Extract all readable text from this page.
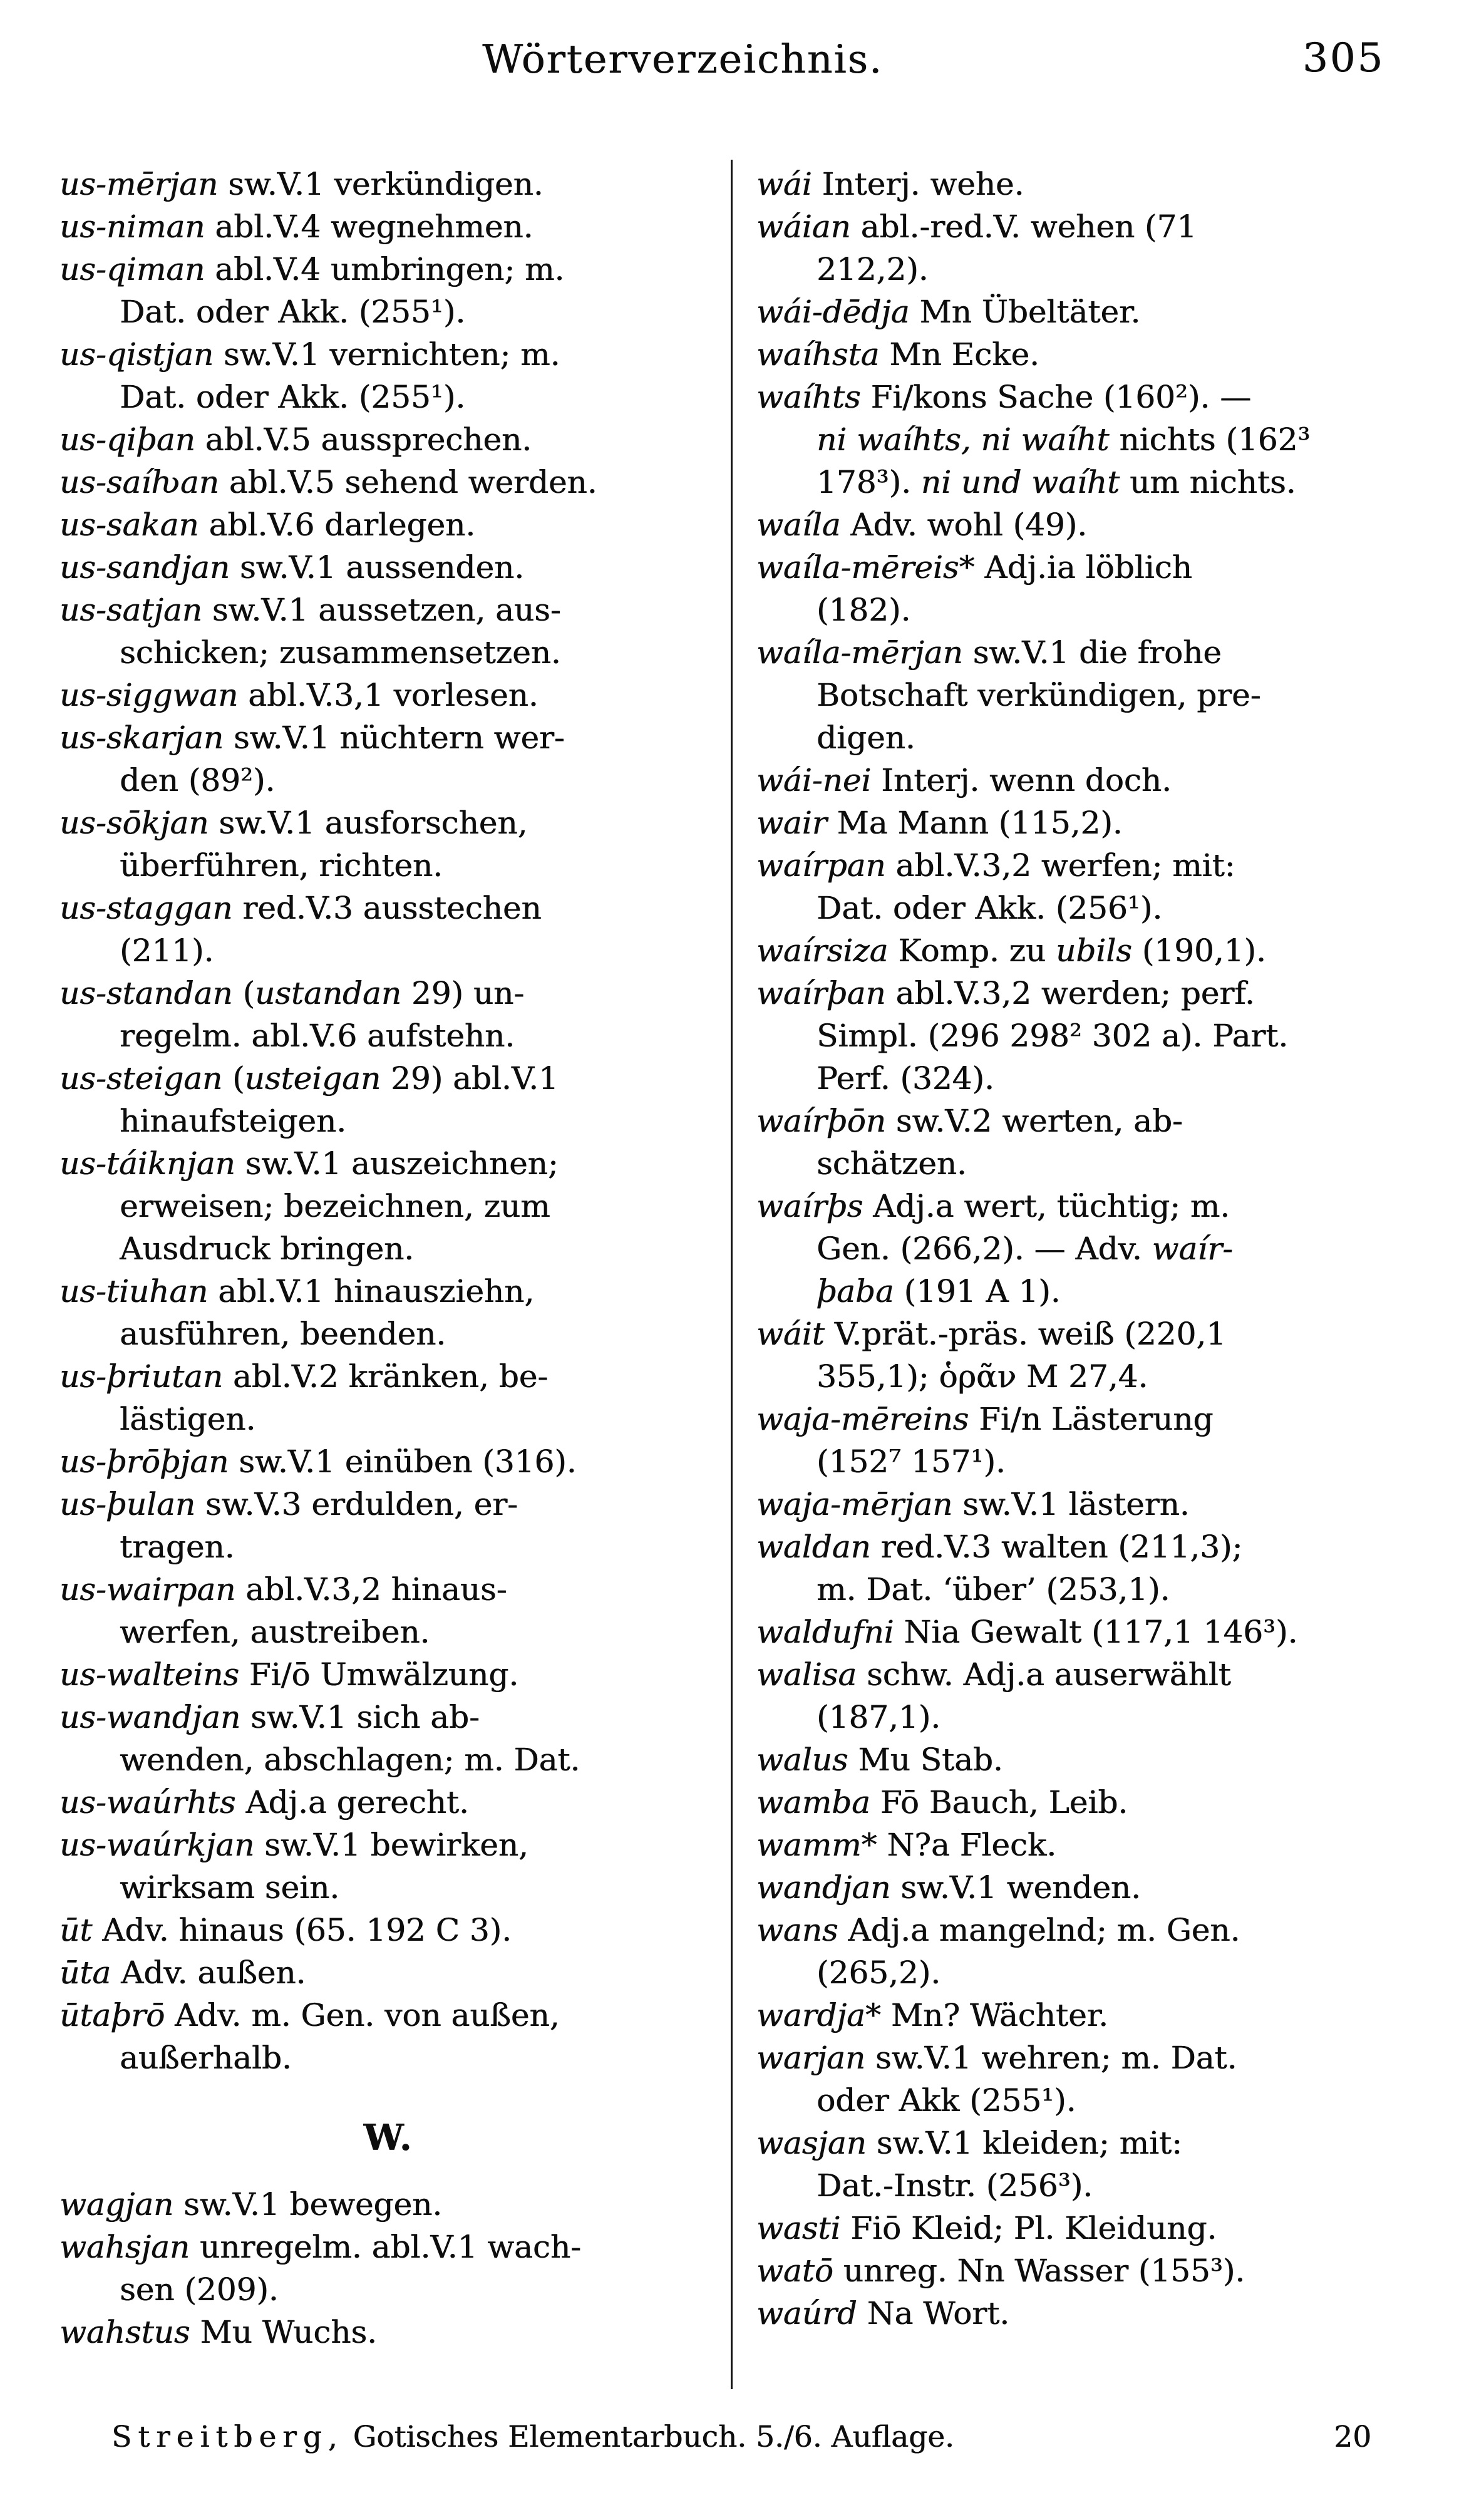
Wörterverzeichnis.	305
us-mērjan sw.V.1 verkündigen.
us-niman abl.V.4 wegnehmen.
us-qiman abl.V.4 umbringen; m.
Dat. oder Akk. (255¹).
us-qistjan sw.V.1 vernichten; m.
Dat. oder Akk. (255¹).
us-qiþan abl.V.5 aussprechen.
us-saíƕan abl.V.5 sehend werden.
us-sakan abl.V.6 darlegen.
us-sandjan sw.V.1 aussenden.
us-satjan sw.V.1 aussetzen, aus-
schicken; zusammensetzen.
us-siggwan abl.V.3,1 vorlesen.
us-skarjan sw.V.1 nüchtern wer-
den (89²).
us-sōkjan sw.V.1 ausforschen,
überführen, richten.
us-staggan red.V.3 ausstechen
(211).
us-standan (ustandan 29) un-
regelm. abl.V.6 aufstehn.
us-steigan (usteigan 29) abl.V.1
hinaufsteigen.
us-táiknjan sw.V.1 auszeichnen;
erweisen; bezeichnen, zum
Ausdruck bringen.
us-tiuhan abl.V.1 hinausziehn,
ausführen, beenden.
us-þriutan abl.V.2 kränken, be-
lästigen.
us-þrōþjan sw.V.1 einüben (316).
us-þulan sw.V.3 erdulden, er-
tragen.
us-wairpan abl.V.3,2 hinaus-
werfen, austreiben.
us-walteins Fi/ō Umwälzung.
us-wandjan sw.V.1 sich ab-
wenden, abschlagen; m. Dat.
us-waúrhts Adj.a gerecht.
us-waúrkjan sw.V.1 bewirken,
wirksam sein.
ūt Adv. hinaus (65. 192 C 3).
ūta Adv. außen.
ūtaþrō Adv. m. Gen. von außen,
außerhalb.
W.
wagjan sw.V.1 bewegen.
wahsjan unregelm. abl.V.1 wach-
sen (209).
wahstus Mu Wuchs.
wái Interj. wehe.
wáian abl.-red.V. wehen (71
212,2).
wái-dēdja Mn Übeltäter.
waíhsta Mn Ecke.
waíhts Fi/kons Sache (160²). —
ni waíhts, ni waíht nichts (162³
178³). ni und waíht um nichts.
waíla Adv. wohl (49).
waíla-mēreis* Adj.ia löblich
(182).
waíla-mērjan sw.V.1 die frohe
Botschaft verkündigen, pre-
digen.
wái-nei Interj. wenn doch.
wair Ma Mann (115,2).
waírpan abl.V.3,2 werfen; mit:
Dat. oder Akk. (256¹).
waírsiza Komp. zu ubils (190,1).
waírþan abl.V.3,2 werden; perf.
Simpl. (296 298² 302 a). Part.
Perf. (324).
waírþōn sw.V.2 werten, ab-
schätzen.
waírþs Adj.a wert, tüchtig; m.
Gen. (266,2). — Adv. waír-
þaba (191 A 1).
wáit V.prät.-präs. weiß (220,1
355,1); ὁρᾶν M 27,4.
waja-mēreins Fi/n Lästerung
(152⁷ 157¹).
waja-mērjan sw.V.1 lästern.
waldan red.V.3 walten (211,3);
m. Dat. ‘über’ (253,1).
waldufni Nia Gewalt (117,1 146³).
walisa schw. Adj.a auserwählt
(187,1).
walus Mu Stab.
wamba Fō Bauch, Leib.
wamm* N?a Fleck.
wandjan sw.V.1 wenden.
wans Adj.a mangelnd; m. Gen.
(265,2).
wardja* Mn? Wächter.
warjan sw.V.1 wehren; m. Dat.
oder Akk (255¹).
wasjan sw.V.1 kleiden; mit:
Dat.-Instr. (256³).
wasti Fiō Kleid; Pl. Kleidung.
watō unreg. Nn Wasser (155³).
waúrd Na Wort.
Streitberg, Gotisches Elementarbuch. 5./6. Auflage.	20
